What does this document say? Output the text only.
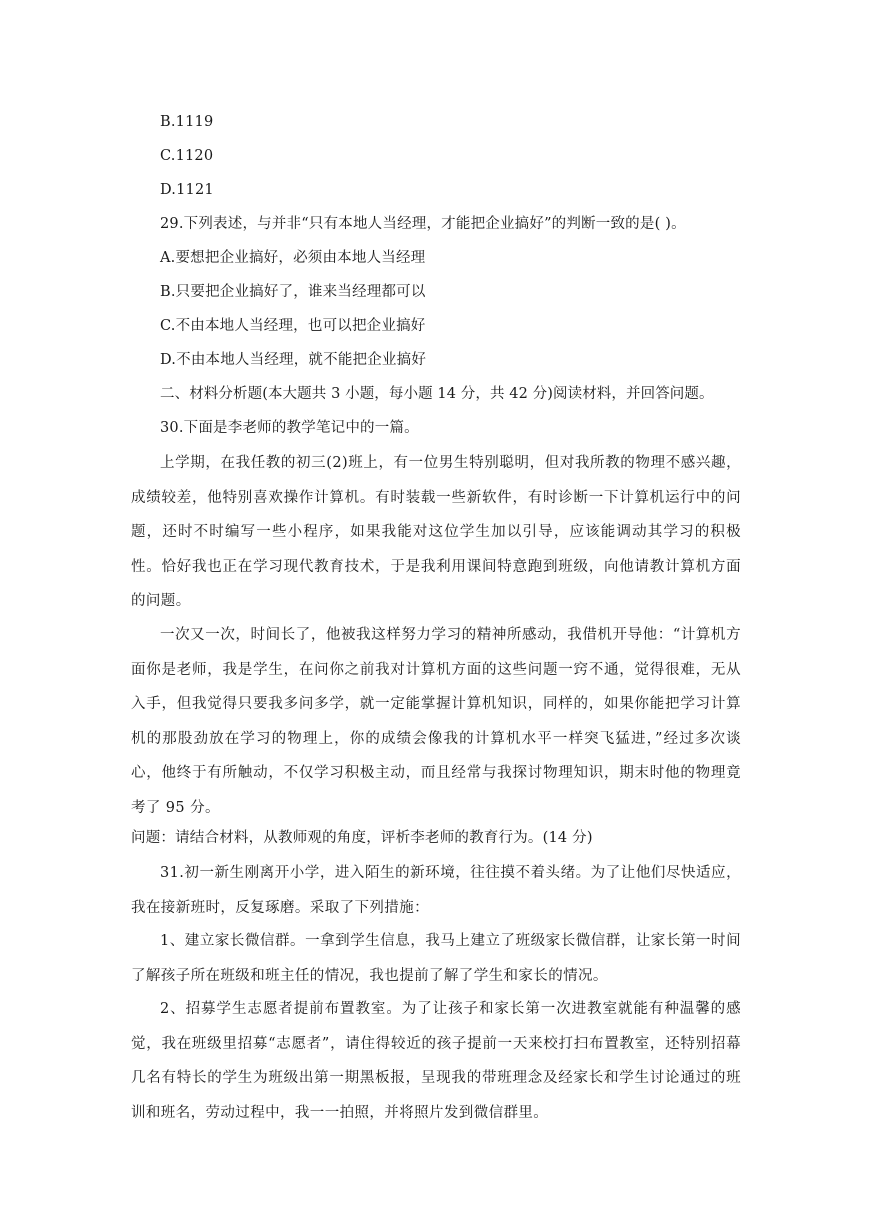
B.1119
C.1120
D.1121
29.下列表述，与并非“只有本地人当经理，才能把企业搞好”的判断一致的是( )。
A.要想把企业搞好，必须由本地人当经理
B.只要把企业搞好了，谁来当经理都可以
C.不由本地人当经理，也可以把企业搞好
D.不由本地人当经理，就不能把企业搞好
二、材料分析题(本大题共 3 小题，每小题 14 分，共 42 分)阅读材料，并回答问题。
30.下面是李老师的教学笔记中的一篇。
上学期，在我任教的初三(2)班上，有一位男生特别聪明，但对我所教的物理不感兴趣，成绩较差，他特别喜欢操作计算机。有时装载一些新软件，有时诊断一下计算机运行中的问题，还时不时编写一些小程序，如果我能对这位学生加以引导，应该能调动其学习的积极性。恰好我也正在学习现代教育技术，于是我利用课间特意跑到班级，向他请教计算机方面的问题。
一次又一次，时间长了，他被我这样努力学习的精神所感动，我借机开导他：“计算机方面你是老师，我是学生，在问你之前我对计算机方面的这些问题一窍不通，觉得很难，无从入手，但我觉得只要我多问多学，就一定能掌握计算机知识，同样的，如果你能把学习计算机的那股劲放在学习的物理上，你的成绩会像我的计算机水平一样突飞猛进，”经过多次谈心，他终于有所触动，不仅学习积极主动，而且经常与我探讨物理知识，期末时他的物理竟考了 95 分。
问题：请结合材料，从教师观的角度，评析李老师的教育行为。(14 分)
31.初一新生刚离开小学，进入陌生的新环境，往往摸不着头绪。为了让他们尽快适应，我在接新班时，反复琢磨。采取了下列措施：
1、建立家长微信群。一拿到学生信息，我马上建立了班级家长微信群，让家长第一时间了解孩子所在班级和班主任的情况，我也提前了解了学生和家长的情况。
2、招募学生志愿者提前布置教室。为了让孩子和家长第一次进教室就能有种温馨的感觉，我在班级里招募“志愿者”，请住得较近的孩子提前一天来校打扫布置教室，还特别招幕几名有特长的学生为班级出第一期黑板报，呈现我的带班理念及经家长和学生讨论通过的班训和班名，劳动过程中，我一一拍照，并将照片发到微信群里。
